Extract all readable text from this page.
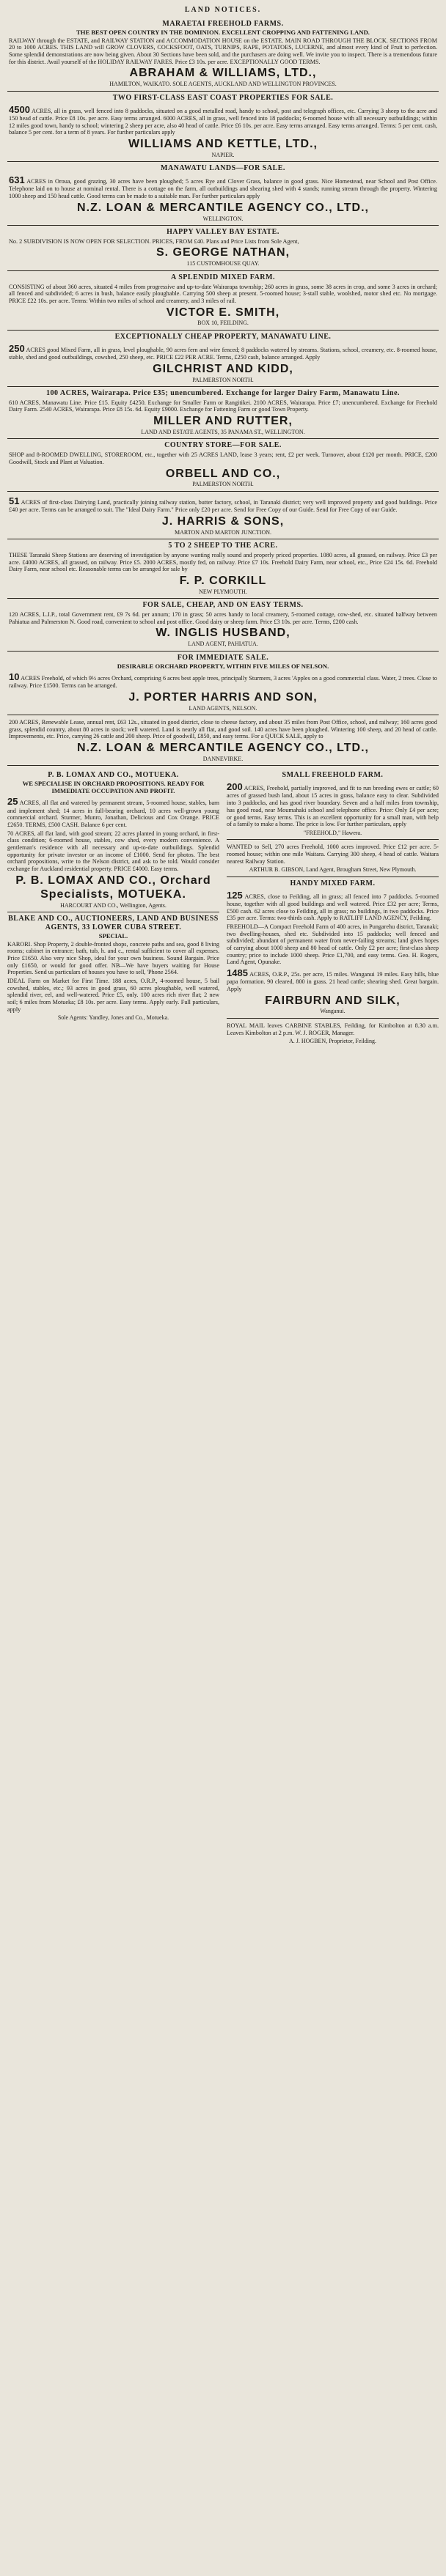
LAND NOTICES.
MARAETAI FREEHOLD FARMS.
THE BEST OPEN COUNTRY IN THE DOMINION. EXCELLENT CROPPING AND FATTENING LAND.
RAILWAY through the ESTATE, and RAILWAY STATION and ACCOMMODATION HOUSE on the ESTATE. MAIN ROAD THROUGH THE BLOCK. SECTIONS FROM 20 to 1000 ACRES. THIS LAND will GROW CLOVERS, COCKSFOOT, OATS, TURNIPS, RAPE, POTATOES, LUCERNE, and almost every kind of Fruit to perfection. Some splendid demonstrations are now being given. About 30 Sections have been sold, and the purchasers are doing well. We invite you to inspect. There is a tremendous future for this district. Avail yourself of the HOLIDAY RAILWAY FARES. Price £3 10s. per acre. EXCEPTIONALLY GOOD TERMS.
ABRAHAM & WILLIAMS, LTD.,
HAMILTON, WAIKATO. SOLE AGENTS, AUCKLAND AND WELLINGTON PROVINCES.
TWO FIRST-CLASS EAST COAST PROPERTIES FOR SALE.
4500 ACRES, all in grass, well fenced into 8 paddocks, situated on a good metalled road, handy to school, post and telegraph offices, etc. Carrying 3 sheep to the acre and 150 head of cattle. Price £8 10s. per acre. Easy terms arranged. 6000 ACRES, all in grass, well fenced into 18 paddocks; 6-roomed house with all necessary outbuildings; within 12 miles good town, handy to school; wintering 2 sheep per acre, also 40 head of cattle. Price £6 10s. per acre. Easy terms arranged. Easy terms arranged. Terms: 5 per cent. cash, balance 5 per cent. for a term of 8 years. For further particulars apply
WILLIAMS AND KETTLE, LTD.,
NAPIER.
MANAWATU LANDS—FOR SALE.
631 ACRES in Oroua, good grazing, 30 acres have been ploughed; 5 acres Rye and Clover Grass, balance in good grass. Nice Homestead, near School and Post Office. Telephone laid on to house at nominal rental. There is a cottage on the farm, all outbuildings and shearing shed with 4 stands; running stream through the property. Wintering 1000 sheep and 150 head cattle. Good terms can be made to a suitable man. For further particulars apply
N.Z. LOAN & MERCANTILE AGENCY CO., LTD.,
WELLINGTON.
HAPPY VALLEY BAY ESTATE.
No. 2 SUBDIVISION IS NOW OPEN FOR SELECTION. PRICES, FROM £40. Plans and Price Lists from Sole Agent,
S. GEORGE NATHAN,
115 CUSTOMHOUSE QUAY.
A SPLENDID MIXED FARM.
CONSISTING of about 360 acres, situated 4 miles from progressive and up-to-date Wairarapa township; 260 acres in grass, some 38 acres in crop, and some 3 acres in orchard; all fenced and subdivided; 6 acres in bush, balance easily ploughable. Carrying 500 sheep at present. 5-roomed house; 3-stall stable, woolshed, motor shed etc. No mortgage. PRICE £22 10s. per acre. Terms: Within two miles of school and creamery, and 3 miles of rail.
VICTOR E. SMITH,
BOX 10, FEILDING.
EXCEPTIONALLY CHEAP PROPERTY, MANAWATU LINE.
250 ACRES good Mixed Farm, all in grass, level ploughable, 90 acres fern and wire fenced; 8 paddocks watered by streams. Stations, school, creamery, etc. 8-roomed house, stable, shed and good outbuildings, cowshed, 250 sheep, etc. PRICE £22 PER ACRE. Terms, £250 cash, balance arranged. Apply
GILCHRIST AND KIDD,
PALMERSTON NORTH.
100 ACRES, Wairarapa. Price £35; unencumbered. Exchange for larger Dairy Farm, Manawatu Line.
610 ACRES, Manawatu Line. Price £15. Equity £4250. Exchange for Smaller Farm or Rangitikei. 2100 ACRES, Wairarapa. Price £7; unencumbered. Exchange for Freehold Dairy Farm. 2540 ACRES, Wairarapa. Price £8 15s. 6d. Equity £9000. Exchange for Fattening Farm or good Town Property.
MILLER AND RUTTER,
LAND AND ESTATE AGENTS, 35 PANAMA ST., WELLINGTON.
COUNTRY STORE—FOR SALE.
SHOP and 8-ROOMED DWELLING, STOREROOM, etc., together with 25 ACRES LAND, lease 3 years; rent, £2 per week. Turnover, about £120 per month. PRICE, £200 Goodwill, Stock and Plant at Valuation.
ORBELL AND CO.,
PALMERSTON NORTH.
51 ACRES of first-class Dairying Land, practically joining railway station, butter factory, school, in Taranaki district; very well improved property and good buildings. Price £40 per acre. Terms can be arranged to suit. The "Ideal Dairy Farm." Price only £20 per acre. Send for Free Copy of our Guide. Send for Free Copy of our Guide.
J. HARRIS & SONS,
MARTON AND MARTON JUNCTION.
5 TO 2 SHEEP TO THE ACRE.
THESE Taranaki Sheep Stations are deserving of investigation by anyone wanting really sound and properly priced properties. 1080 acres, all grassed, on railway. Price £3 per acre. £4000 ACRES, all grassed, on railway. Price £5. 2000 ACRES, mostly fed, on railway. Price £7 10s. Freehold Dairy Farm, near school, etc., Price £24 15s. 6d. Freehold Dairy Farm, near school etc. Reasonable terms can be arranged for sale by
F. P. CORKILL
NEW PLYMOUTH.
FOR SALE, CHEAP, AND ON EASY TERMS.
120 ACRES, L.I.P., total Government rent, £9 7s 6d. per annum; 170 in grass; 50 acres handy to local creamery, 5-roomed cottage, cow-shed, etc. situated halfway between Pahiatua and Palmerston N. Good road, convenient to school and post office. Good dairy or sheep farm. Price £3 10s. per acre. Terms, £200 cash.
W. INGLIS HUSBAND,
LAND AGENT, PAHIATUA.
FOR IMMEDIATE SALE.
DESIRABLE ORCHARD PROPERTY, WITHIN FIVE MILES OF NELSON.
10 ACRES Freehold, of which 9½ acres Orchard, comprising 6 acres best apple trees, principally Sturmers, 3 acres 'Apples on a good commercial class. Water, 2 trees. Close to railway. Price £1500. Terms can be arranged.
J. PORTER HARRIS AND SON,
LAND AGENTS, NELSON.
200 ACRES, Renewable Lease, annual rent, £63 12s., situated in good district, close to cheese factory, and about 35 miles from Post Office, school, and railway; 160 acres good grass, splendid country, about 80 acres in stock; well watered. Land is nearly all flat, and good soil. 140 acres have been ploughed. Wintering 100 sheep, and 20 head of cattle. Improvements, etc. Price, carrying 26 cattle and 200 sheep. Price of goodwill, £850, and easy terms. For a QUICK SALE, apply to
N.Z. LOAN & MERCANTILE AGENCY CO., LTD.,
DANNEVIRKE.
P. B. LOMAX AND CO., MOTUEKA.
WE SPECIALISE IN ORCHARD PROPOSITIONS. READY FOR IMMEDIATE OCCUPATION AND PROFIT.
25 ACRES, all flat and watered by permanent stream, 5-roomed house, stables, barn and implement shed; 14 acres in full-bearing orchard, 10 acres well-grown young commercial orchard. Sturmer, Munro, Jonathan, Delicious and Cox Orange. PRICE £2650. TERMS, £500 CASH. Balance 6 per cent.
70 ACRES, all flat land, with good stream; 22 acres planted in young orchard, in first-class condition; 6-roomed house, stables, cow shed, every modern convenience. A gentleman's residence with all necessary and up-to-date outbuildings. Splendid opportunity for private investor or an income of £1000. Send for photos. The best orchard propositions, write to the Nelson district, and ask to be told. Would consider exchange for Auckland residential property. PRICE £4000. Easy terms.
P. B. LOMAX AND CO., Orchard Specialists, MOTUEKA.
HARCOURT AND CO., Wellington, Agents.
BLAKE AND CO., AUCTIONEERS, LAND AND BUSINESS AGENTS, 33 LOWER CUBA STREET.
SPECIAL.
KARORI. Shop Property, 2 double-fronted shops, concrete paths and sea, good 8 living rooms; cabinet in entrance; bath, tub, h. and c., rental sufficient to cover all expenses. Price £1650. Also very nice Shop, ideal for your own business. Sound Bargain. Price only £1650, or would for good offer. NB—We have buyers waiting for House Properties. Send us particulars of houses you have to sell, 'Phone 2564.
IDEAL Farm on Market for First Time. 188 acres, O.R.P., 4-roomed house, 5 bail cowshed, stables, etc.; 93 acres in good grass, 60 acres ploughable, well watered, splendid river, eel, and well-watered. Price £5, only. 100 acres rich river flat; 2 new soil; 6 miles from Motueka; £8 10s. per acre. Easy terms. Apply early. Full particulars, apply
Sole Agents: Yandley, Jones and Co., Motueka.
SMALL FREEHOLD FARM.
200 ACRES, Freehold, partially improved, and fit to run breeding ewes or cattle; 60 acres of grassed bush land, about 15 acres in grass, balance easy to clear. Subdivided into 3 paddocks, and has good river boundary. Seven and a half miles from township, has good road, near Moumahaki school and telephone office. Price: Only £4 per acre; or good terms. Easy terms. This is an excellent opportunity for a small man, with help of a family to make a home. The price is low. For further particulars, apply
"FREEHOLD," Hawera.
WANTED to Sell, 270 acres Freehold, 1000 acres improved. Price £12 per acre. 5-roomed house; within one mile Waitara. Carrying 300 sheep, 4 head of cattle. Waitara nearest Railway Station.
ARTHUR B. GIBSON, Land Agent, Brougham Street, New Plymouth.
HANDY MIXED FARM.
125 ACRES, close to Feilding, all in grass; all fenced into 7 paddocks. 5-roomed house, together with all good buildings and well watered. Price £32 per acre; Terms, £500 cash. 62 acres close to Feilding, all in grass; no buildings, in two paddocks. Price £35 per acre. Terms: two-thirds cash. Apply to RATLIFF LAND AGENCY, Feilding.
FREEHOLD—A Compact Freehold Farm of 400 acres, in Pungarehu district, Taranaki; two dwelling-houses, shed etc. Subdivided into 15 paddocks; well fenced and subdivided; abundant of permanent water from never-failing streams; land gives hopes of carrying about 1000 sheep and 80 head of cattle. Only £2 per acre; first-class sheep country; price to include 1000 sheep. Price £1,700, and easy terms. Geo. H. Rogers, Land Agent, Opunake.
1485 ACRES, O.R.P., 25s. per acre, 15 miles. Wanganui 19 miles. Easy hills, blue papa formation. 90 cleared, 800 in grass. 21 head cattle; shearing shed. Great bargain. Apply
FAIRBURN AND SILK,
Wanganui.
ROYAL MAIL leaves CARBINE STABLES, Feilding, for Kimbolton at 8.30 a.m. Leaves Kimbolton at 2 p.m. W. J. ROGER, Manager.
A. J. HOGBEN, Proprietor, Feilding.
